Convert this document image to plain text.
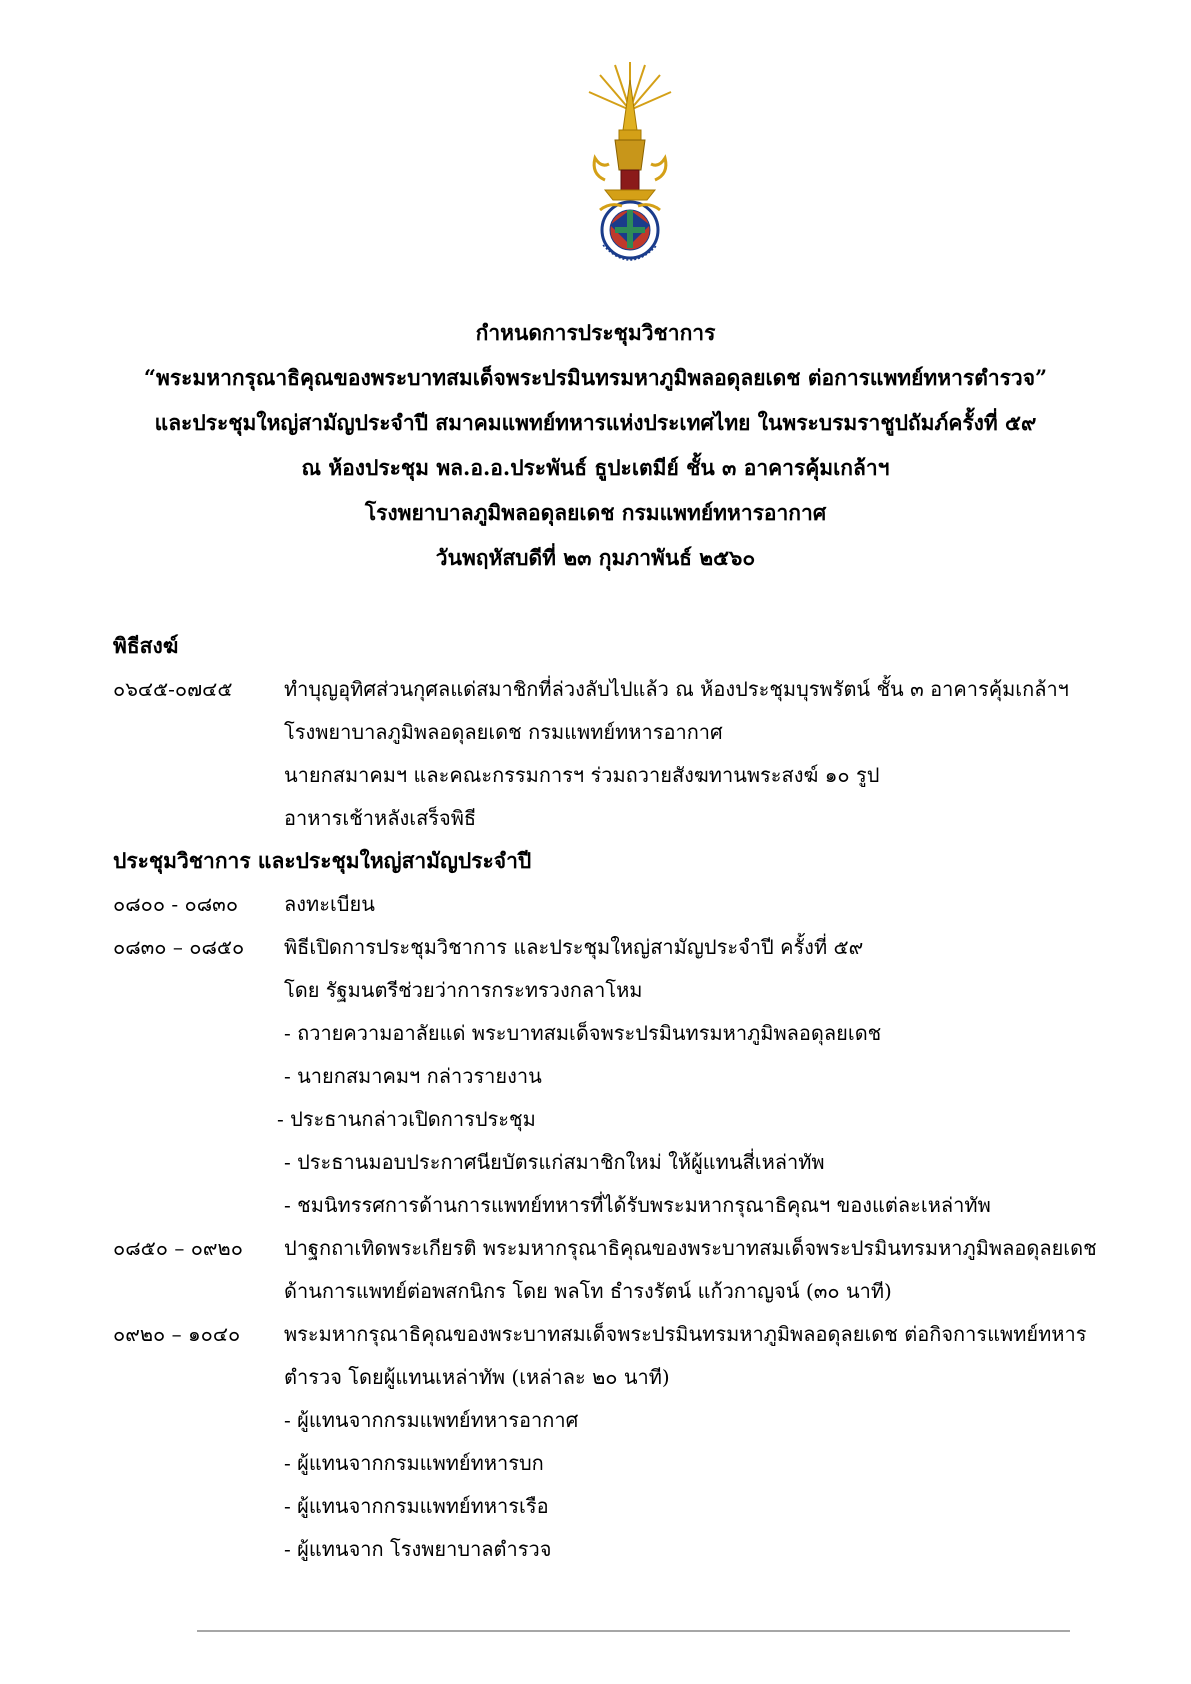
กำหนดการประชุมวิชาการ
“พระมหากรุณาธิคุณของพระบาทสมเด็จพระปรมินทรมหาภูมิพลอดุลยเดช ต่อการแพทย์ทหารตำรวจ”
และประชุมใหญ่สามัญประจำปี สมาคมแพทย์ทหารแห่งประเทศไทย ในพระบรมราชูปถัมภ์ครั้งที่ ๕๙
ณ ห้องประชุม พล.อ.อ.ประพันธ์ ธูปะเตมีย์ ชั้น ๓ อาคารคุ้มเกล้าฯ
โรงพยาบาลภูมิพลอดุลยเดช กรมแพทย์ทหารอากาศ
วันพฤหัสบดีที่ ๒๓ กุมภาพันธ์ ๒๕๖๐
พิธีสงฆ์
๐๖๔๕-๐๗๔๕	ทำบุญอุทิศส่วนกุศลแด่สมาชิกที่ล่วงลับไปแล้ว ณ ห้องประชุมบุรพรัตน์ ชั้น ๓ อาคารคุ้มเกล้าฯ
โรงพยาบาลภูมิพลอดุลยเดช กรมแพทย์ทหารอากาศ
นายกสมาคมฯ และคณะกรรมการฯ ร่วมถวายสังฆทานพระสงฆ์ ๑๐ รูป
อาหารเช้าหลังเสร็จพิธี
ประชุมวิชาการ และประชุมใหญ่สามัญประจำปี
๐๘๐๐ - ๐๘๓๐ ลงทะเบียน
๐๘๓๐ – ๐๘๕๐ พิธีเปิดการประชุมวิชาการ และประชุมใหญ่สามัญประจำปี ครั้งที่ ๕๙
โดย รัฐมนตรีช่วยว่าการกระทรวงกลาโหม
- ถวายความอาลัยแด่ พระบาทสมเด็จพระปรมินทรมหาภูมิพลอดุลยเดช
- นายกสมาคมฯ กล่าวรายงาน
- ประธานกล่าวเปิดการประชุม
- ประธานมอบประกาศนียบัตรแก่สมาชิกใหม่ ให้ผู้แทนสี่เหล่าทัพ
- ชมนิทรรศการด้านการแพทย์ทหารที่ได้รับพระมหากรุณาธิคุณฯ ของแต่ละเหล่าทัพ
๐๘๕๐ – ๐๙๒๐ ปาฐกถาเทิดพระเกียรติ พระมหากรุณาธิคุณของพระบาทสมเด็จพระปรมินทรมหาภูมิพลอดุลยเดช
ด้านการแพทย์ต่อพสกนิกร โดย พลโท ธำรงรัตน์ แก้วกาญจน์ (๓๐ นาที)
๐๙๒๐ – ๑๐๔๐ พระมหากรุณาธิคุณของพระบาทสมเด็จพระปรมินทรมหาภูมิพลอดุลยเดช ต่อกิจการแพทย์ทหาร
ตำรวจ โดยผู้แทนเหล่าทัพ (เหล่าละ ๒๐ นาที)
- ผู้แทนจากกรมแพทย์ทหารอากาศ
- ผู้แทนจากกรมแพทย์ทหารบก
- ผู้แทนจากกรมแพทย์ทหารเรือ
- ผู้แทนจาก โรงพยาบาลตำรวจ
